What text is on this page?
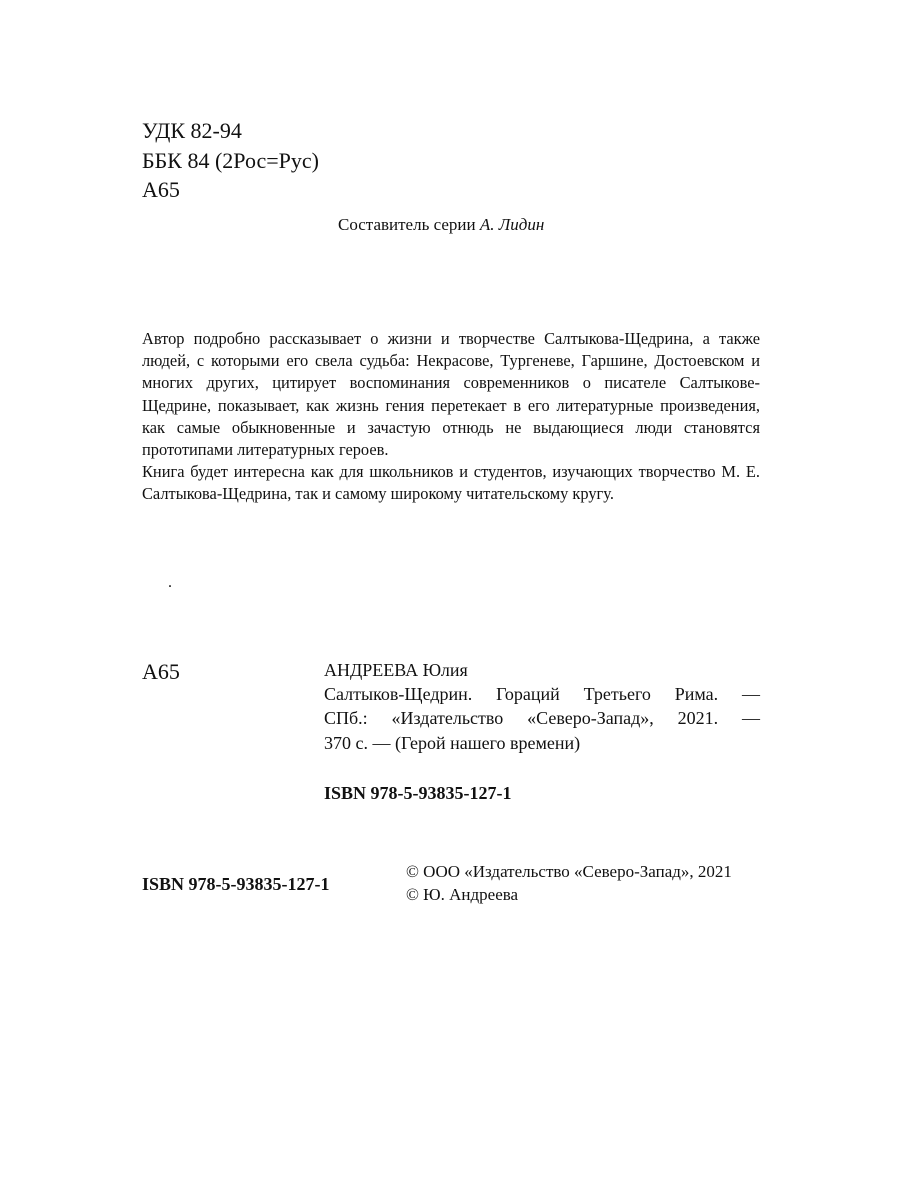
УДК 82-94
ББК 84 (2Рос=Рус)
А65
Составитель серии А. Лидин

Автор подробно рассказывает о жизни и творчестве Салтыкова-Щедрина, а также людей, с которыми его свела судьба: Некрасове, Тургеневе, Гаршине, Достоевском и многих других, цитирует воспоминания современников о писателе Салтыкове-Щедрине, показывает, как жизнь гения перетекает в его литературные произведения, как самые обыкновенные и зачастую отнюдь не выдающиеся люди становятся прототипами литературных героев.

Книга будет интересна как для школьников и студентов, изучающих творчество М. Е. Салтыкова-Щедрина, так и самому широкому читательскому кругу.

.
А65	АНДРЕЕВА Юлия
Салтыков-Щедрин. Гораций Третьего Рима. —
СПб.: «Издательство «Северо-Запад», 2021. —
370 с. — (Герой нашего времени)
ISBN 978-5-93835-127-1
ISBN 978-5-93835-127-1
© ООО «Издательство «Северо-Запад», 2021
© Ю. Андреева
